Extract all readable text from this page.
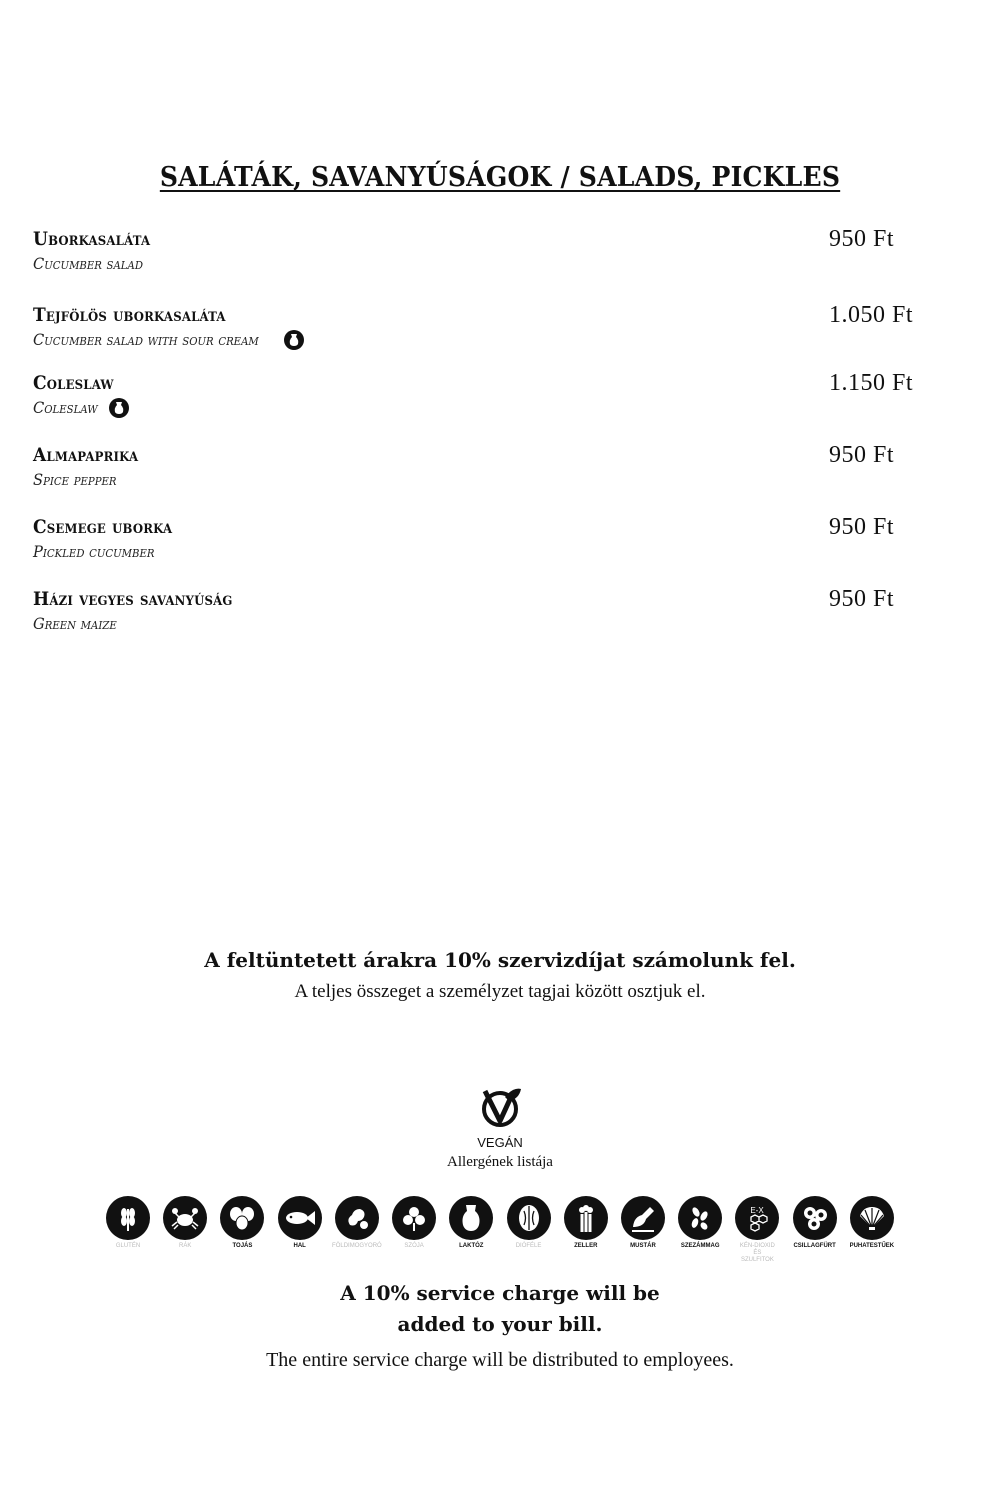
SALÁTÁK, SAVANYÚSÁGOK / SALADS, PICKLES
Uborkasaláta
Cucumber salad
950 Ft
Tejfölös uborkasaláta
Cucumber salad with sour cream
1.050 Ft
Coleslaw
Coleslaw
1.150 Ft
Almapaprika
Spice pepper
950 Ft
Csemege uborka
Pickled cucumber
950 Ft
Házi vegyes savanyúság
Green maize
950 Ft
A feltüntetett árakra 10% szervizdíjat számolunk fel.
A teljes összeget a személyzet tagjai között osztjuk el.
VEGÁN
Allergének listája
GLUTÉN	RÁK	TOJÁS	HAL	FÖLDIMOGYORÓ	SZÓJA	LAKTÓZ	DIÓFÉLE	ZELLER	MUSTÁR	SZEZÁMMAG
E-X
KÉN-DIOXID ÉS SZULFITOK
CSILLAGFÜRT PUHATESTŰEK
A 10% service charge will be
added to your bill.
The entire service charge will be distributed to employees.
